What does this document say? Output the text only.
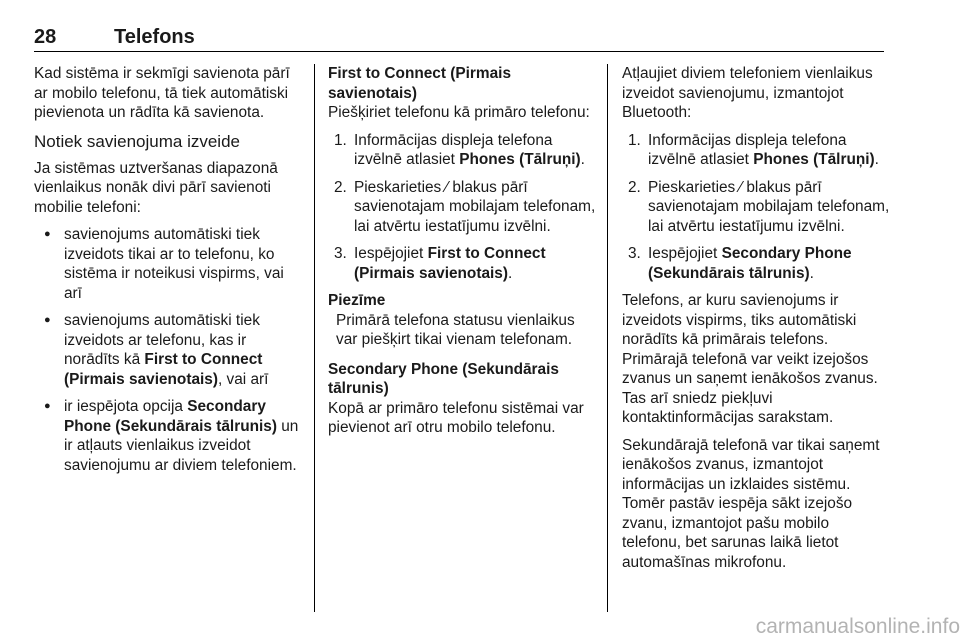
28	Telefons

Kad sistēma ir sekmīgi savienota pārī ar mobilo telefonu, tā tiek automātiski pievienota un rādīta kā savienota.

Notiek savienojuma izveide

Ja sistēmas uztveršanas diapazonā vienlaikus nonāk divi pārī savienoti mobilie telefoni:

● savienojums automātiski tiek izveidots tikai ar to telefonu, ko sistēma ir noteikusi vispirms, vai arī
● savienojums automātiski tiek izveidots ar telefonu, kas ir norādīts kā First to Connect (Pirmais savienotais), vai arī
● ir iespējota opcija Secondary Phone (Sekundārais tālrunis) un ir atļauts vienlaikus izveidot savienojumu ar diviem telefoniem.
First to Connect (Pirmais savienotais)

Piešķiriet telefonu kā primāro telefonu:

1. Informācijas displeja telefona izvēlnē atlasiet Phones (Tālruņi).
2. Pieskarieties ⁄ blakus pārī savienotajam mobilajam telefonam, lai atvērtu iestatījumu izvēlni.
3. Iespējojiet First to Connect (Pirmais savienotais).
Piezīme
Primārā telefona statusu vienlaikus var piešķirt tikai vienam telefonam.
Secondary Phone (Sekundārais tālrunis)

Kopā ar primāro telefonu sistēmai var pievienot arī otru mobilo telefonu.

Atļaujiet diviem telefoniem vienlaikus izveidot savienojumu, izmantojot Bluetooth:

1. Informācijas displeja telefona izvēlnē atlasiet Phones (Tālruņi).
2. Pieskarieties ⁄ blakus pārī savienotajam mobilajam telefonam, lai atvērtu iestatījumu izvēlni.
3. Iespējojiet Secondary Phone (Sekundārais tālrunis).

Telefons, ar kuru savienojums ir izveidots vispirms, tiks automātiski norādīts kā primārais telefons.

Primārajā telefonā var veikt izejošos zvanus un saņemt ienākošos zvanus. Tas arī sniedz piekļuvi kontaktinformācijas sarakstam.

Sekundārajā telefonā var tikai saņemt ienākošos zvanus, izmantojot informācijas un izklaides sistēmu. Tomēr pastāv iespēja sākt izejošo zvanu, izmantojot pašu mobilo telefonu, bet sarunas laikā lietot automašīnas mikrofonu.

carmanualsonline.info
